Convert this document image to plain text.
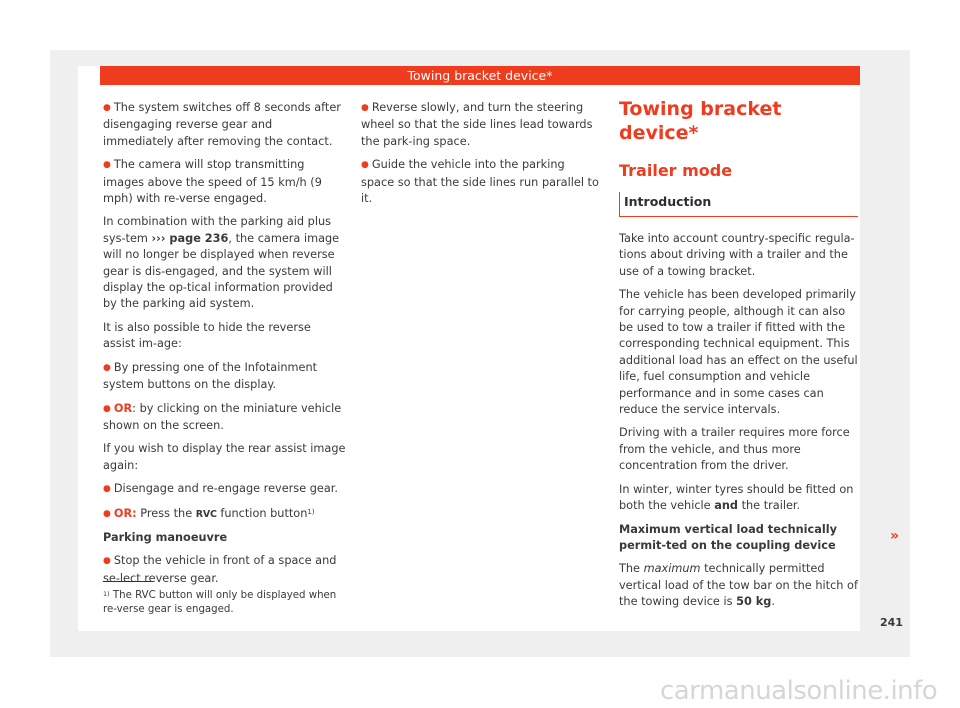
Towing bracket device*

● The system switches off 8 seconds after disengaging reverse gear and immediately after removing the contact.

● The camera will stop transmitting images above the speed of 15 km/h (9 mph) with re-verse engaged.

In combination with the parking aid plus sys-tem ››› page 236, the camera image will no longer be displayed when reverse gear is dis-engaged, and the system will display the op-tical information provided by the parking aid system.

It is also possible to hide the reverse assist im-age:

● By pressing one of the Infotainment system buttons on the display.

● OR: by clicking on the miniature vehicle shown on the screen.

If you wish to display the rear assist image again:

● Disengage and re-engage reverse gear.

● OR: Press the RVC function button$^{1)}$

Parking manoeuvre

● Stop the vehicle in front of a space and se-lect reverse gear.

● Reverse slowly, and turn the steering wheel so that the side lines lead towards the park-ing space.

● Guide the vehicle into the parking space so that the side lines run parallel to it.

Towing bracket device*
Trailer mode
Introduction

Take into account country-specific regula-tions about driving with a trailer and the use of a towing bracket.

The vehicle has been developed primarily for carrying people, although it can also be used to tow a trailer if fitted with the corresponding technical equipment. This additional load has an effect on the useful life, fuel consumption and vehicle performance and in some cases can reduce the service intervals.

Driving with a trailer requires more force from the vehicle, and thus more concentration from the driver.

In winter, winter tyres should be fitted on both the vehicle and the trailer.

Maximum vertical load technically permit-ted on the coupling device

The maximum technically permitted vertical load of the tow bar on the hitch of the towing device is 50 kg.

$^{1)}$ The RVC button will only be displayed when re-verse gear is engaged.
»
241
carmanualsonline.info
